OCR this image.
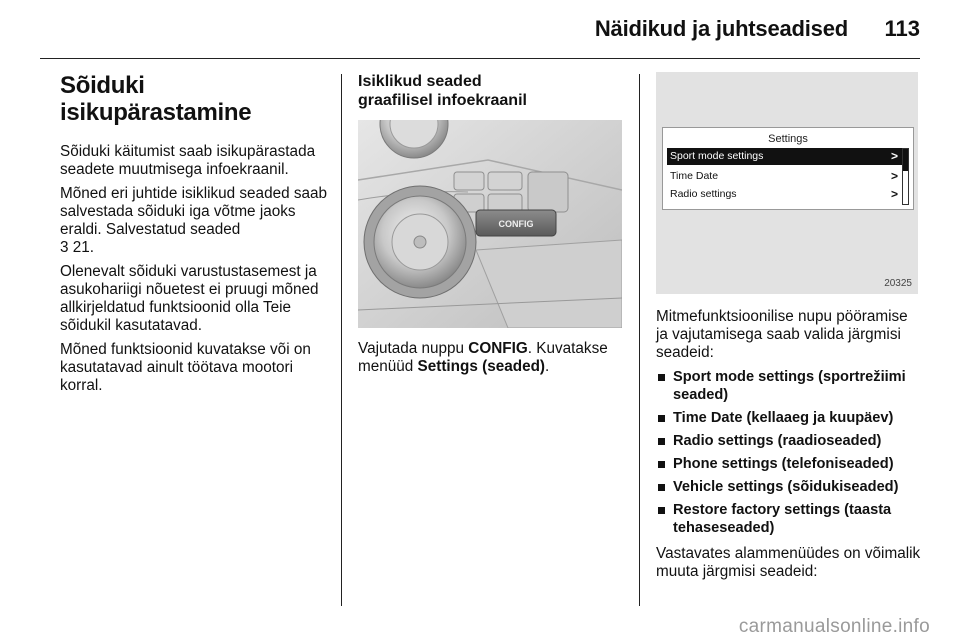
Näidikud ja juhtseadised 113
Sõiduki
isikupärastamine

Sõiduki käitumist saab isikupärastada seadete muutmisega infoekraanil.

Mõned eri juhtide isiklikud seaded saab salvestada sõiduki iga võtme jaoks eraldi. Salvestatud seaded
3 21.

Olenevalt sõiduki varustustasemest ja asukohariigi nõuetest ei pruugi mõned allkirjeldatud funktsioonid olla Teie sõidukil kasutatavad.

Mõned funktsioonid kuvatakse või on kasutatavad ainult töötava mootori korral.

Isiklikud seaded
graafilisel infoekraanil
CONFIG

Vajutada nuppu CONFIG. Kuvatakse menüüd Settings (seaded).

Settings
Sport mode settings	>
Time Date	>
Radio settings	>
20325

Mitmefunktsioonilise nupu pööramise ja vajutamisega saab valida järgmisi seadeid:

Sport mode settings (sportrežiimi seaded)
Time Date (kellaaeg ja kuupäev)
Radio settings (raadioseaded)
Phone settings (telefoniseaded)
Vehicle settings (sõidukiseaded)
Restore factory settings (taasta tehaseseaded)

Vastavates alammenüüdes on võimalik muuta järgmisi seadeid:

carmanualsonline.info
